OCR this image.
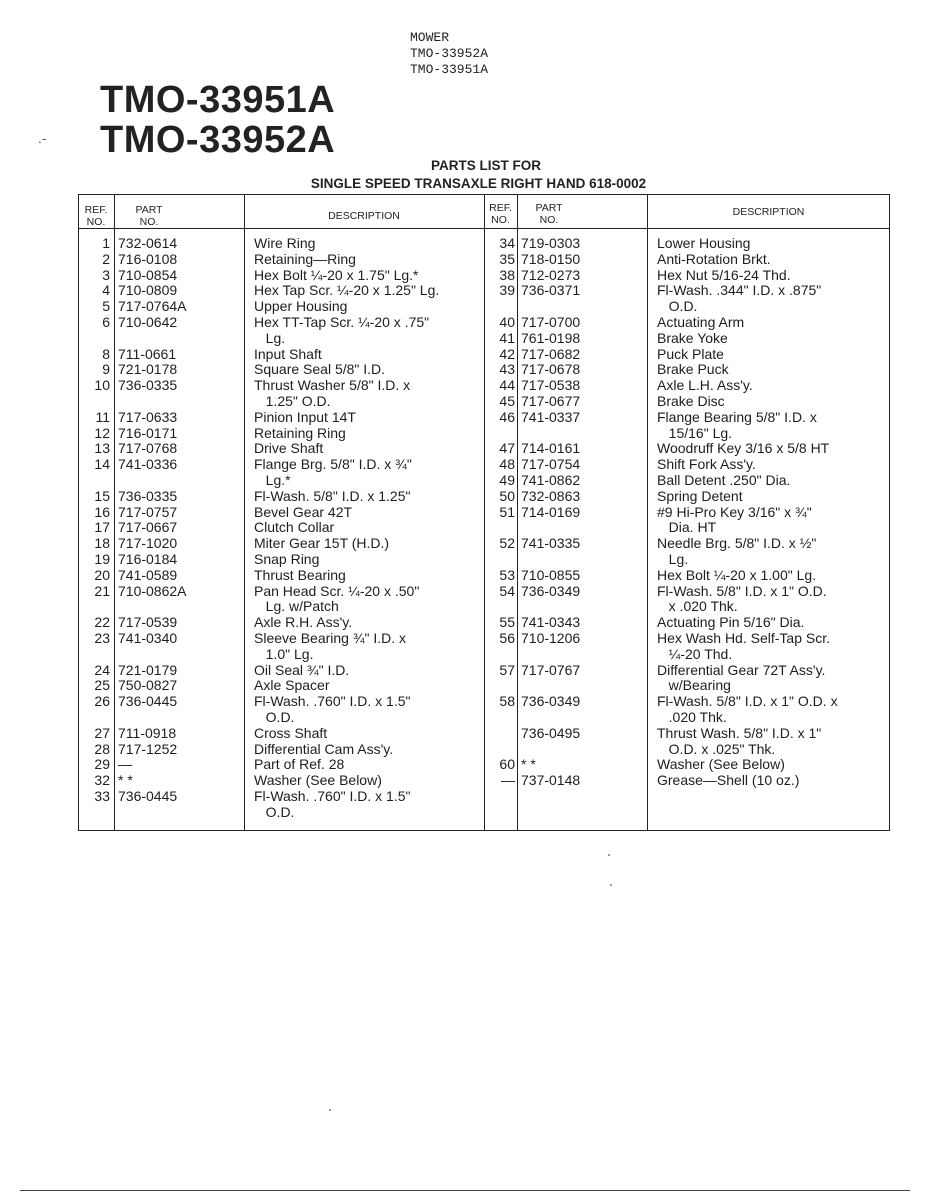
MOWER
TMO-33952A
TMO-33951A
TMO-33951A
TMO-33952A
.-
PARTS LIST FOR
SINGLE SPEED TRANSAXLE RIGHT HAND 618-0002
REF.
NO.
PART
NO.	DESCRIPTION
REF.
NO.
PART
NO.
DESCRIPTION
1
2
3
4
5
6
8
9
10
11
12
13
14
15
16
17
18
19
20
21
22
23
24
25
26
27
28
29
32
33
732-0614
716-0108
710-0854
710-0809
717-0764A
710-0642
711-0661
721-0178
736-0335
717-0633
716-0171
717-0768
741-0336
736-0335
717-0757
717-0667
717-1020
716-0184
741-0589
710-0862A
717-0539
741-0340
721-0179
750-0827
736-0445
711-0918
717-1252
—
* *
736-0445
Wire Ring
Retaining—Ring
Hex Bolt ¼-20 x 1.75" Lg.*
Hex Tap Scr. ¼-20 x 1.25" Lg.
Upper Housing
Hex TT-Tap Scr. ¼-20 x .75"
Lg.
Input Shaft
Square Seal 5/8" I.D.
Thrust Washer 5/8" I.D. x
1.25" O.D.
Pinion Input 14T
Retaining Ring
Drive Shaft
Flange Brg. 5/8" I.D. x ¾"
Lg.*
Fl-Wash. 5/8" I.D. x 1.25"
Bevel Gear 42T
Clutch Collar
Miter Gear 15T (H.D.)
Snap Ring
Thrust Bearing
Pan Head Scr. ¼-20 x .50"
Lg. w/Patch
Axle R.H. Ass'y.
Sleeve Bearing ¾" I.D. x
1.0" Lg.
Oil Seal ¾" I.D.
Axle Spacer
Fl-Wash. .760" I.D. x 1.5"
O.D.
Cross Shaft
Differential Cam Ass'y.
Part of Ref. 28
Washer (See Below)
Fl-Wash. .760" I.D. x 1.5"
O.D.
34
35
38
39
40
41
42
43
44
45
46
47
48
49
50
51
52
53
54
55
56
57
58
60
—
719-0303
718-0150
712-0273
736-0371
717-0700
761-0198
717-0682
717-0678
717-0538
717-0677
741-0337
714-0161
717-0754
741-0862
732-0863
714-0169
741-0335
710-0855
736-0349
741-0343
710-1206
717-0767
736-0349
736-0495
* *
737-0148
Lower Housing
Anti-Rotation Brkt.
Hex Nut 5/16-24 Thd.
Fl-Wash. .344" I.D. x .875"
O.D.
Actuating Arm
Brake Yoke
Puck Plate
Brake Puck
Axle L.H. Ass'y.
Brake Disc
Flange Bearing 5/8" I.D. x
15/16" Lg.
Woodruff Key 3/16 x 5/8 HT
Shift Fork Ass'y.
Ball Detent .250" Dia.
Spring Detent
#9 Hi-Pro Key 3/16" x ¾"
Dia. HT
Needle Brg. 5/8" I.D. x ½"
Lg.
Hex Bolt ¼-20 x 1.00" Lg.
Fl-Wash. 5/8" I.D. x 1" O.D.
x .020 Thk.
Actuating Pin 5/16" Dia.
Hex Wash Hd. Self-Tap Scr.
¼-20 Thd.
Differential Gear 72T Ass'y.
w/Bearing
Fl-Wash. 5/8" I.D. x 1" O.D. x
.020 Thk.
Thrust Wash. 5/8" I.D. x 1"
O.D. x .025" Thk.
Washer (See Below)
Grease—Shell (10 oz.)
